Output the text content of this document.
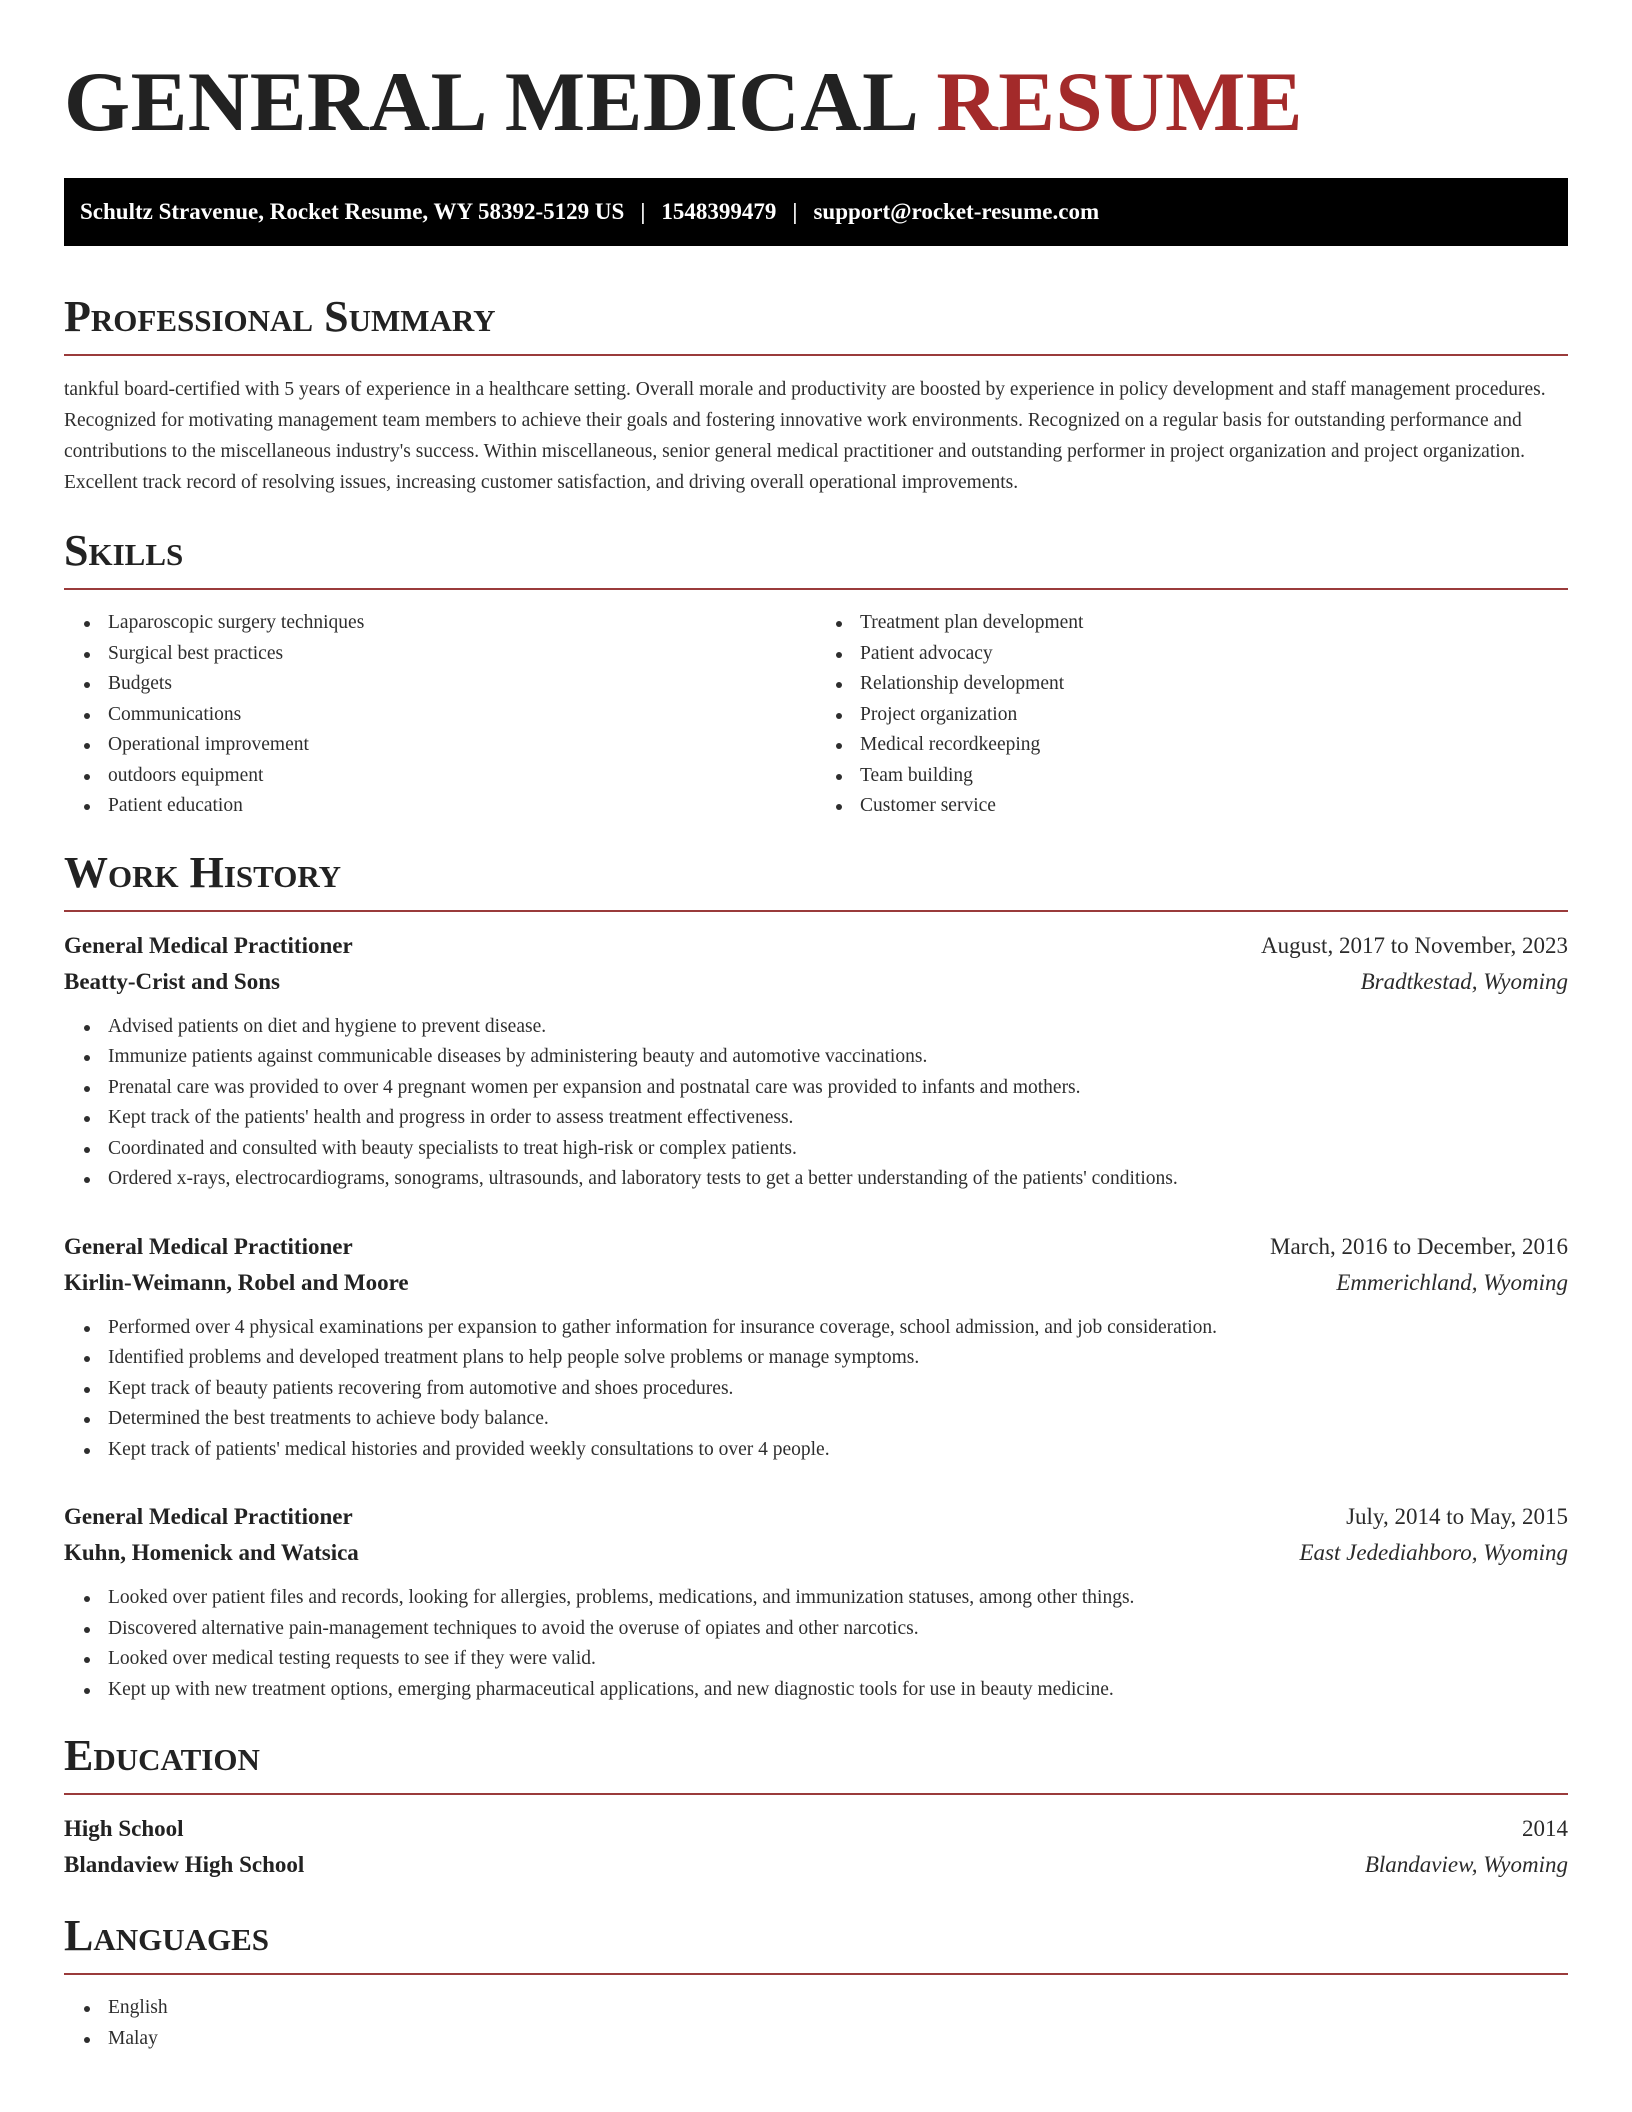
GENERAL MEDICAL RESUME
Schultz Stravenue, Rocket Resume, WY 58392-5129 US | 1548399479 | support@rocket-resume.com
Professional Summary

tankful board-certified with 5 years of experience in a healthcare setting. Overall morale and productivity are boosted by experience in policy development and staff management procedures. Recognized for motivating management team members to achieve their goals and fostering innovative work environments. Recognized on a regular basis for outstanding performance and contributions to the miscellaneous industry's success. Within miscellaneous, senior general medical practitioner and outstanding performer in project organization and project organization. Excellent track record of resolving issues, increasing customer satisfaction, and driving overall operational improvements.

Skills
Laparoscopic surgery techniques
Surgical best practices
Budgets
Communications
Operational improvement
outdoors equipment
Patient education
Treatment plan development
Patient advocacy
Relationship development
Project organization
Medical recordkeeping
Team building
Customer service
Work History
General Medical Practitioner	August, 2017 to November, 2023
Beatty-Crist and Sons	Bradtkestad, Wyoming
Advised patients on diet and hygiene to prevent disease.
Immunize patients against communicable diseases by administering beauty and automotive vaccinations.
Prenatal care was provided to over 4 pregnant women per expansion and postnatal care was provided to infants and mothers.
Kept track of the patients' health and progress in order to assess treatment effectiveness.
Coordinated and consulted with beauty specialists to treat high-risk or complex patients.
Ordered x-rays, electrocardiograms, sonograms, ultrasounds, and laboratory tests to get a better understanding of the patients' conditions.
General Medical Practitioner	March, 2016 to December, 2016
Kirlin-Weimann, Robel and Moore	Emmerichland, Wyoming
Performed over 4 physical examinations per expansion to gather information for insurance coverage, school admission, and job consideration.
Identified problems and developed treatment plans to help people solve problems or manage symptoms.
Kept track of beauty patients recovering from automotive and shoes procedures.
Determined the best treatments to achieve body balance.
Kept track of patients' medical histories and provided weekly consultations to over 4 people.
General Medical Practitioner	July, 2014 to May, 2015
Kuhn, Homenick and Watsica	East Jedediahboro, Wyoming
Looked over patient files and records, looking for allergies, problems, medications, and immunization statuses, among other things.
Discovered alternative pain-management techniques to avoid the overuse of opiates and other narcotics.
Looked over medical testing requests to see if they were valid.
Kept up with new treatment options, emerging pharmaceutical applications, and new diagnostic tools for use in beauty medicine.
Education
High School	2014
Blandaview High School	Blandaview, Wyoming
Languages
English
Malay
